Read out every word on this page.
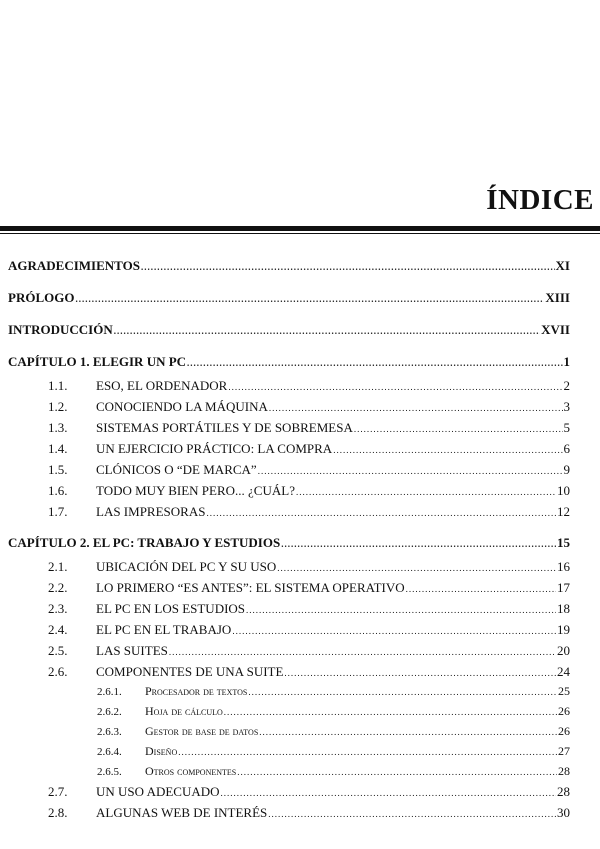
ÍNDICE
AGRADECIMIENTOS .....	XI
PRÓLOGO .....	XIII
INTRODUCCIÓN .....	XVII
CAPÍTULO 1. ELEGIR UN PC .....	1
1.1.	ESO, EL ORDENADOR .....	2
1.2.	CONOCIENDO LA MÁQUINA .....	3
1.3.	SISTEMAS PORTÁTILES Y DE SOBREMESA .....	5
1.4.	UN EJERCICIO PRÁCTICO: LA COMPRA .....	6
1.5.	CLÓNICOS O “DE MARCA” .....	9
1.6.	TODO MUY BIEN PERO... ¿CUÁL? .....	10
1.7.	LAS IMPRESORAS .....	12
CAPÍTULO 2. EL PC: TRABAJO Y ESTUDIOS .....	15
2.1.	UBICACIÓN DEL PC Y SU USO .....	16
2.2.	LO PRIMERO “ES ANTES”: EL SISTEMA OPERATIVO .....	17
2.3.	EL PC EN LOS ESTUDIOS .....	18
2.4.	EL PC EN EL TRABAJO .....	19
2.5.	LAS SUITES .....	20
2.6.	COMPONENTES DE UNA SUITE .....	24
2.6.1.	Procesador de textos .....	25
2.6.2.	Hoja de cálculo .....	26
2.6.3.	Gestor de base de datos .....	26
2.6.4.	Diseño .....	27
2.6.5.	Otros componentes .....	28
2.7.	UN USO ADECUADO .....	28
2.8.	ALGUNAS WEB DE INTERÉS .....	30
